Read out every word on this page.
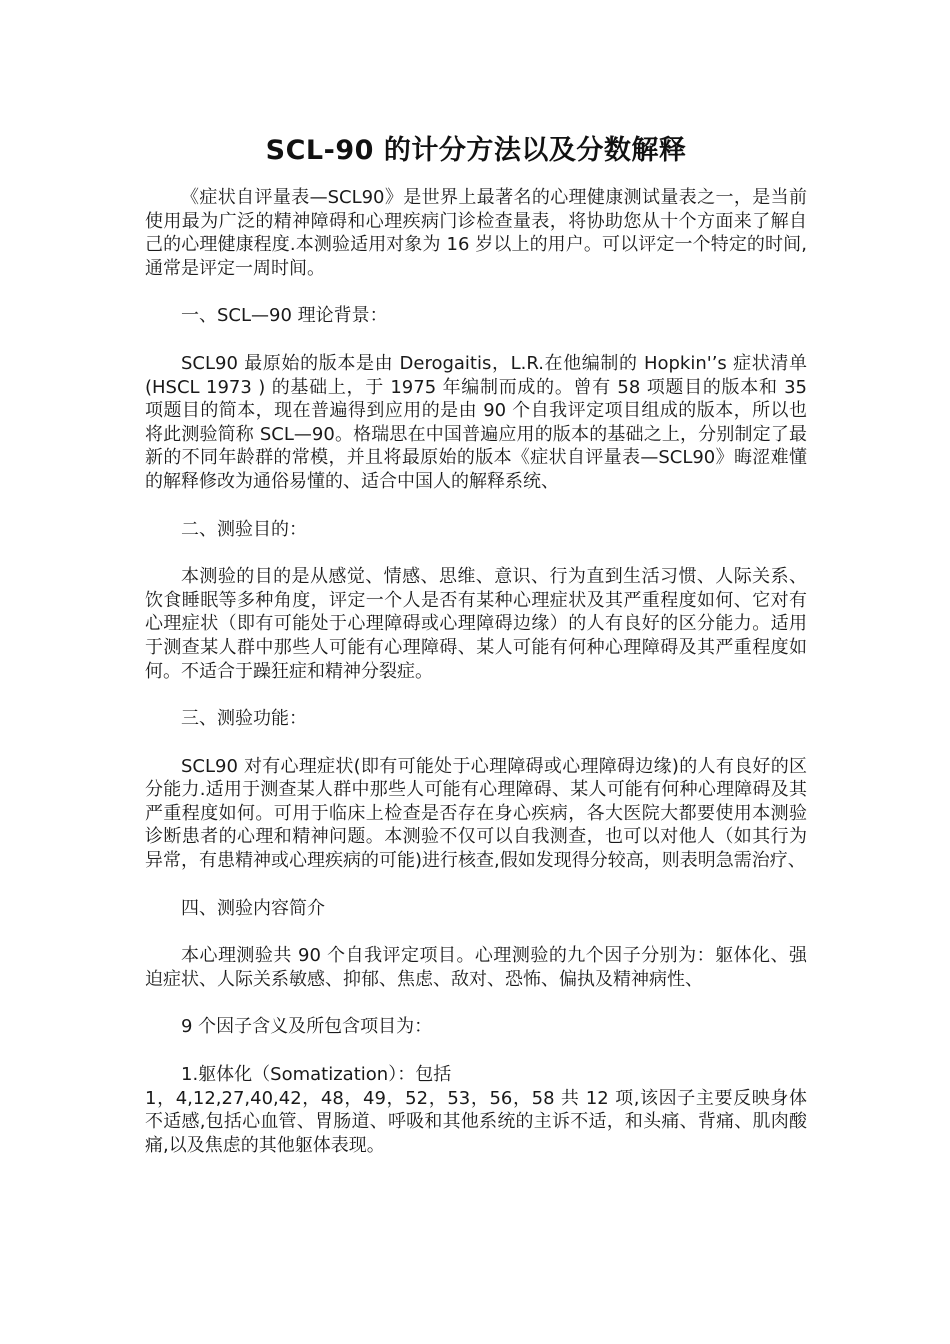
SCL-90 的计分方法以及分数解释

《症状自评量表—SCL90》是世界上最著名的心理健康测试量表之一，是当前使用最为广泛的精神障碍和心理疾病门诊检查量表，将协助您从十个方面来了解自己的心理健康程度.本测验适用对象为 16 岁以上的用户。可以评定一个特定的时间,通常是评定一周时间。

一、SCL—90 理论背景：

SCL90 最原始的版本是由 Derogaitis，L.R.在他编制的 Hopkin'’s 症状清单(HSCL 1973 ) 的基础上，于 1975 年编制而成的。曾有 58 项题目的版本和 35 项题目的简本，现在普遍得到应用的是由 90 个自我评定项目组成的版本，所以也将此测验简称 SCL—90。格瑞思在中国普遍应用的版本的基础之上，分别制定了最新的不同年龄群的常模，并且将最原始的版本《症状自评量表—SCL90》晦涩难懂的解释修改为通俗易懂的、适合中国人的解释系统、

二、测验目的：

本测验的目的是从感觉、情感、思维、意识、行为直到生活习惯、人际关系、饮食睡眠等多种角度，评定一个人是否有某种心理症状及其严重程度如何、它对有心理症状（即有可能处于心理障碍或心理障碍边缘）的人有良好的区分能力。适用于测查某人群中那些人可能有心理障碍、某人可能有何种心理障碍及其严重程度如何。不适合于躁狂症和精神分裂症。

三、测验功能：

SCL90 对有心理症状(即有可能处于心理障碍或心理障碍边缘)的人有良好的区分能力.适用于测查某人群中那些人可能有心理障碍、某人可能有何种心理障碍及其严重程度如何。可用于临床上检查是否存在身心疾病，各大医院大都要使用本测验诊断患者的心理和精神问题。本测验不仅可以自我测查，也可以对他人（如其行为异常，有患精神或心理疾病的可能)进行核查,假如发现得分较高，则表明急需治疗、

四、测验内容简介

本心理测验共 90 个自我评定项目。心理测验的九个因子分别为：躯体化、强迫症状、人际关系敏感、抑郁、焦虑、敌对、恐怖、偏执及精神病性、

9 个因子含义及所包含项目为：

1.躯体化（Somatization）：包括
1，4,12,27,40,42，48，49，52，53，56，58 共 12 项,该因子主要反映身体不适感,包括心血管、胃肠道、呼吸和其他系统的主诉不适，和头痛、背痛、肌肉酸痛,以及焦虑的其他躯体表现。
